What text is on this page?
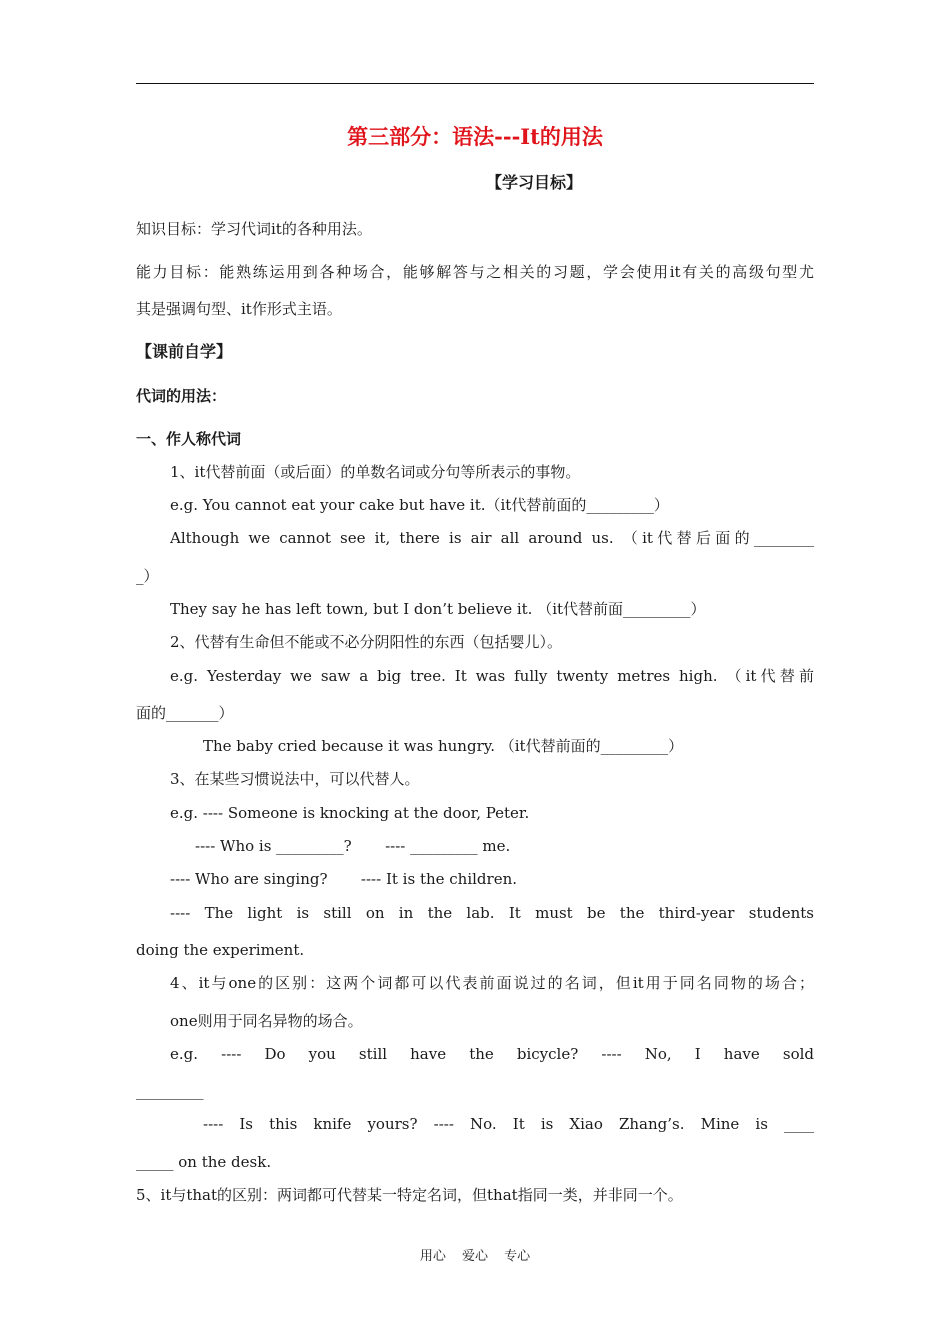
第三部分：语法---It的用法

【学习目标】

知识目标：学习代词it的各种用法。

能力目标：能熟练运用到各种场合，能够解答与之相关的习题，学会使用it有关的高级句型尤

其是强调句型、it作形式主语。

【课前自学】

代词的用法：

一、作人称代词

1、it代替前面（或后面）的单数名词或分句等所表示的事物。

e.g. You cannot eat your cake but have it.（it代替前面的_________）

Although we cannot see it, there is air all around us. （it代替后面的________

_）

They say he has left town, but I don’t believe it. （it代替前面_________）

2、代替有生命但不能或不必分阴阳性的东西（包括婴儿）。

e.g. Yesterday we saw a big tree. It was fully twenty metres high. （it代替前

面的_______）

The baby cried because it was hungry. （it代替前面的_________）

3、在某些习惯说法中，可以代替人。

e.g. ---- Someone is knocking at the door, Peter.

---- Who is _________?       ---- _________ me.

---- Who are singing?       ---- It is the children.

---- The light is still on in the lab. It must be the third-year students

doing the experiment.

4、it与one的区别：这两个词都可以代表前面说过的名词，但it用于同名同物的场合；

one则用于同名异物的场合。

e.g. ---- Do you still have the bicycle? ---- No, I have sold

_________

---- Is this knife yours? ---- No. It is Xiao Zhang’s. Mine is ____

_____ on the desk.

5、it与that的区别：两词都可代替某一特定名词，但that指同一类，并非同一个。

用心 爱心 专心
